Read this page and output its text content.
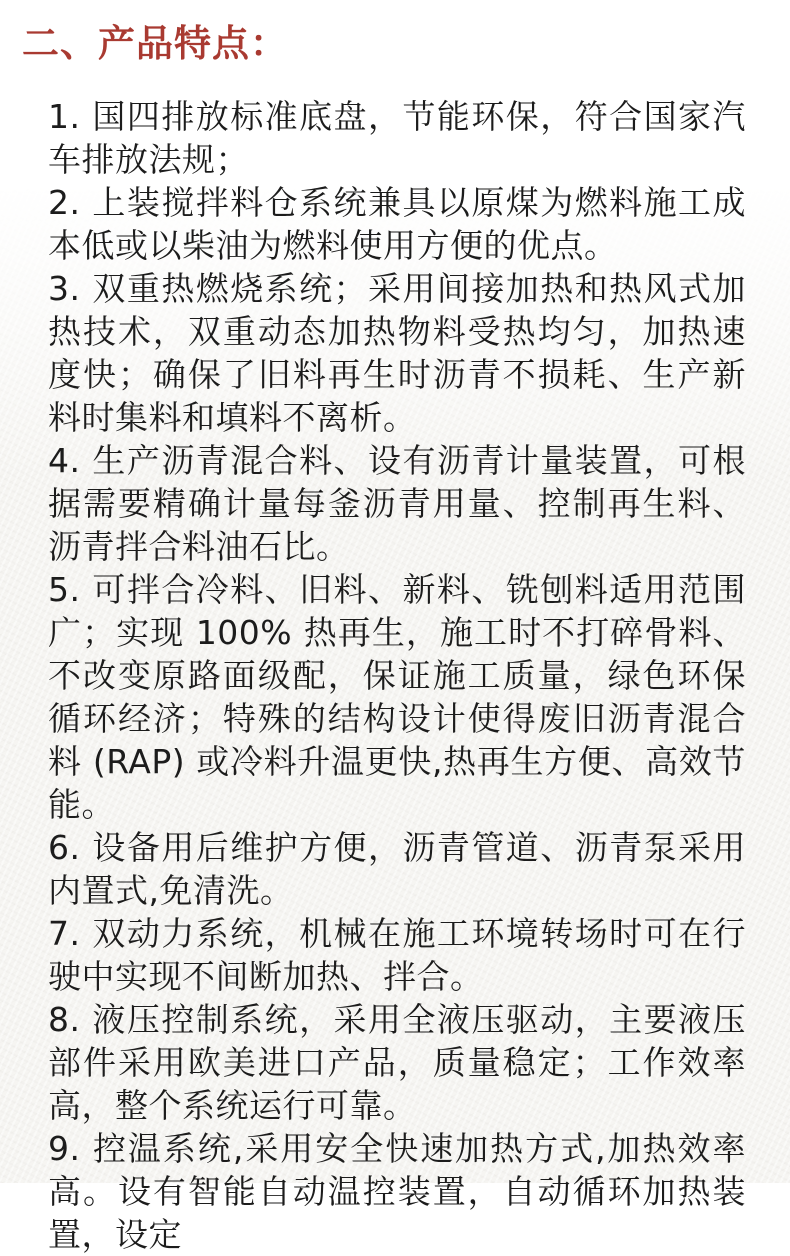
二、产品特点：

1. 国四排放标准底盘，节能环保，符合国家汽车排放法规；

2. 上装搅拌料仓系统兼具以原煤为燃料施工成本低或以柴油为燃料使用方便的优点。

3. 双重热燃烧系统；采用间接加热和热风式加热技术，双重动态加热物料受热均匀，加热速度快；确保了旧料再生时沥青不损耗、生产新料时集料和填料不离析。

4. 生产沥青混合料、设有沥青计量装置，可根据需要精确计量每釜沥青用量、控制再生料、沥青拌合料油石比。

5. 可拌合冷料、旧料、新料、铣刨料适用范围广；实现 100% 热再生，施工时不打碎骨料、不改变原路面级配，保证施工质量，绿色环保循环经济；特殊的结构设计使得废旧沥青混合料 (RAP) 或冷料升温更快,热再生方便、高效节能。

6. 设备用后维护方便，沥青管道、沥青泵采用内置式,免清洗。

7. 双动力系统，机械在施工环境转场时可在行驶中实现不间断加热、拌合。

8. 液压控制系统，采用全液压驱动，主要液压部件采用欧美进口产品，质量稳定；工作效率高，整个系统运行可靠。

9. 控温系统,采用安全快速加热方式,加热效率高。设有智能自动温控装置，自动循环加热装置，设定
